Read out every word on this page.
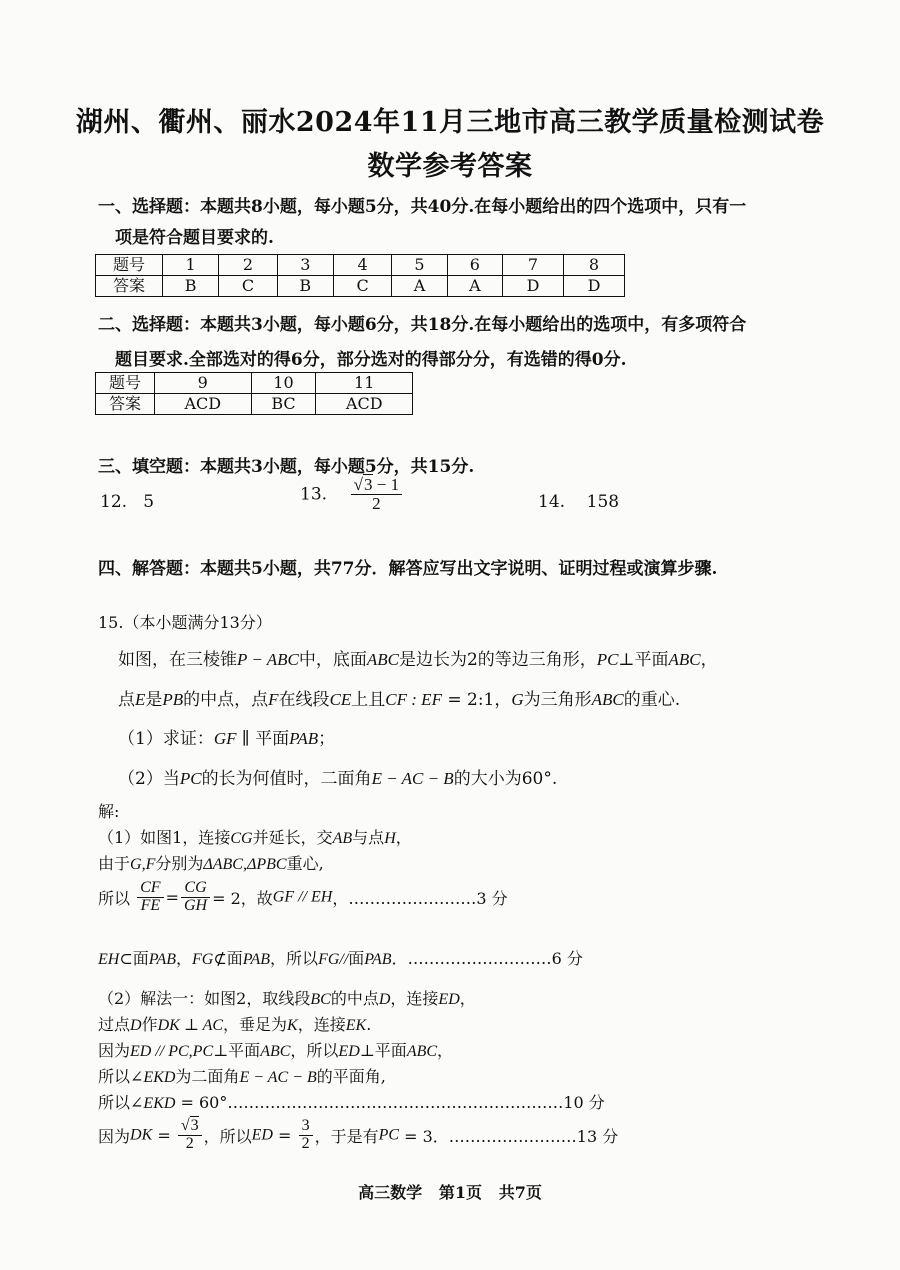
湖州、衢州、丽水2024年11月三地市高三教学质量检测试卷
数学参考答案
一、选择题：本题共8小题，每小题5分，共40分.在每小题给出的四个选项中，只有一
项是符合题目要求的.
题号	1	2	3	4	5	6	7	8
答案	B	C	B	C	A	A	D	D
二、选择题：本题共3小题，每小题6分，共18分.在每小题给出的选项中，有多项符合
题目要求.全部选对的得6分，部分选对的得部分分，有选错的得0分.
题号	9	10	11
答案	ACD	BC	ACD
三、填空题：本题共3小题，每小题5分，共15分.
12. 5	13. $\frac{√3 - 1}{2}$	14. 158
四、解答题：本题共5小题，共77分．解答应写出文字说明、证明过程或演算步骤.
15.（本小题满分13分）
如图，在三棱锥P − ABC中，底面ABC是边长为2的等边三角形，PC⊥平面ABC，
点E是PB的中点，点F在线段CE上且CF : EF = 2:1，G为三角形ABC的重心.
（1）求证：GF ∥ 平面PAB；
（2）当PC的长为何值时，二面角E − AC − B的大小为60°.
解:
（1）如图1，连接CG并延长，交AB与点H，
由于G,F分别为ΔABC,ΔPBC重心,
所以 $\frac{CF}{FE} = \frac{CG}{GH} = 2$，故GF // EH，……………………3 分
EH⊂面PAB，FG⊄面PAB，所以FG//面PAB．………………………6 分
（2）解法一：如图2，取线段BC的中点D，连接ED，
过点D作DK ⊥ AC，垂足为K，连接EK.
因为ED // PC,PC⊥平面ABC，所以ED⊥平面ABC，
所以∠EKD为二面角E − AC − B的平面角,
所以∠EKD = 60°………………………………………………………10 分
因为DK = $\frac{√3}{2}$ ，所以ED = $\frac{3}{2}$ ，于是有PC = 3．……………………13 分
高三数学   第1页   共7页
